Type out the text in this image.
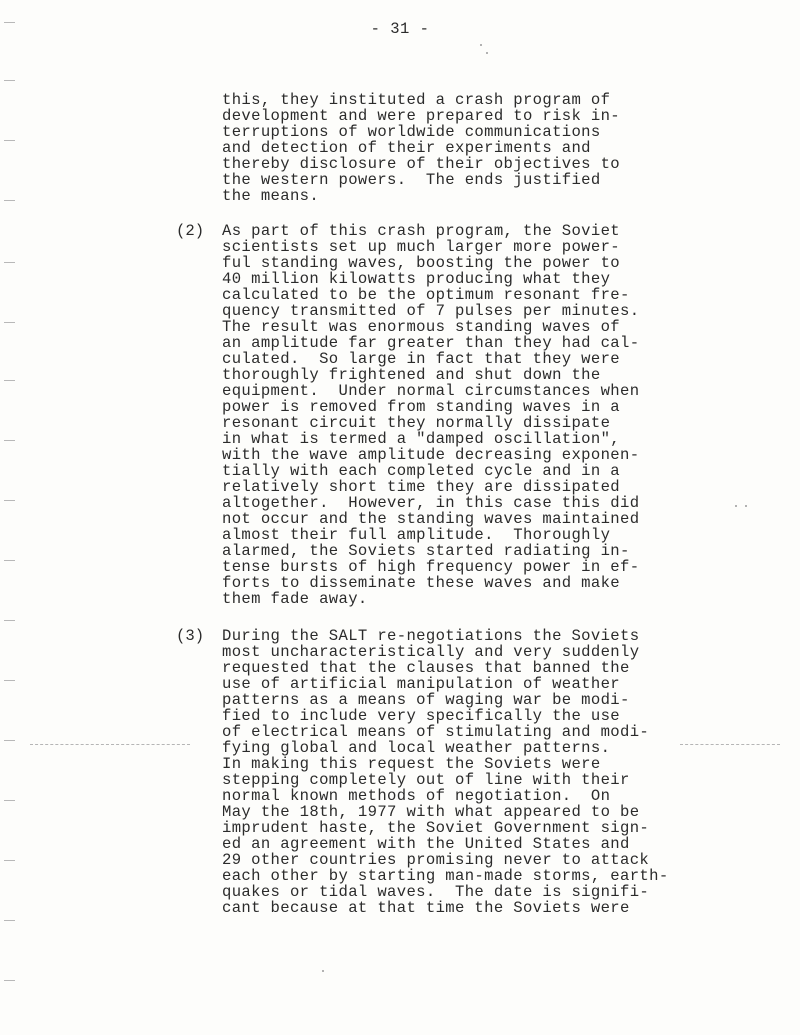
- 31 -
this, they instituted a crash program of
development and were prepared to risk in-
terruptions of worldwide communications
and detection of their experiments and
thereby disclosure of their objectives to
the western powers.  The ends justified
the means.
(2) As part of this crash program, the Soviet
scientists set up much larger more power-
ful standing waves, boosting the power to
40 million kilowatts producing what they
calculated to be the optimum resonant fre-
quency transmitted of 7 pulses per minutes.
The result was enormous standing waves of
an amplitude far greater than they had cal-
culated.  So large in fact that they were
thoroughly frightened and shut down the
equipment.  Under normal circumstances when
power is removed from standing waves in a
resonant circuit they normally dissipate
in what is termed a "damped oscillation",
with the wave amplitude decreasing exponen-
tially with each completed cycle and in a
relatively short time they are dissipated
altogether.  However, in this case this did
not occur and the standing waves maintained
almost their full amplitude.  Thoroughly
alarmed, the Soviets started radiating in-
tense bursts of high frequency power in ef-
forts to disseminate these waves and make
them fade away.
(3) During the SALT re-negotiations the Soviets
most uncharacteristically and very suddenly
requested that the clauses that banned the
use of artificial manipulation of weather
patterns as a means of waging war be modi-
fied to include very specifically the use
of electrical means of stimulating and modi-
fying global and local weather patterns.
In making this request the Soviets were
stepping completely out of line with their
normal known methods of negotiation.  On
May the 18th, 1977 with what appeared to be
imprudent haste, the Soviet Government sign-
ed an agreement with the United States and
29 other countries promising never to attack
each other by starting man-made storms, earth-
quakes or tidal waves.  The date is signifi-
cant because at that time the Soviets were
